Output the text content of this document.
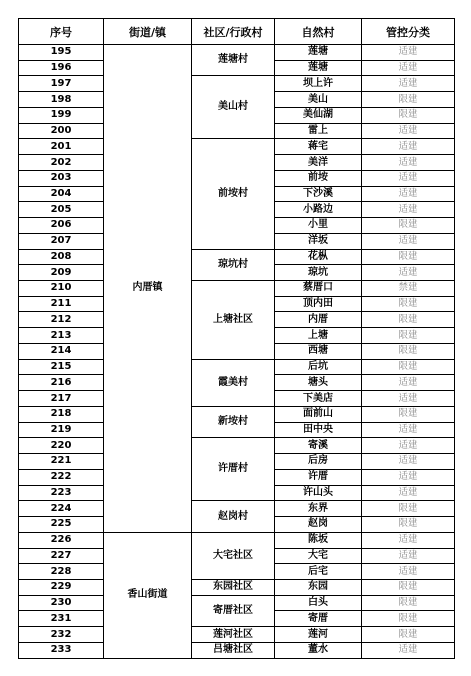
序号	街道/镇	社区/行政村	自然村	管控分类
195	内厝镇	莲塘村	莲塘	适建
196			莲塘	适建
197		美山村	坝上许	适建
198			美山	限建
199			美仙湖	限建
200			雷上	适建
201		前垵村	蒋宅	适建
202			美洋	适建
203			前垵	适建
204			下沙溪	适建
205			小路边	适建
206			小里	限建
207			洋坂	适建
208		琼坑村	花枞	限建
209			琼坑	适建
210		上塘社区	蔡厝口	禁建
211			顶内田	限建
212			内厝	限建
213			上塘	限建
214			西塘	限建
215		霞美村	后坑	限建
216			塘头	适建
217			下美店	适建
218		新垵村	面前山	限建
219			田中央	适建
220		许厝村	寄溪	适建
221			后房	适建
222			许厝	适建
223			许山头	适建
224		赵岗村	东界	限建
225			赵岗	限建
226	香山街道	大宅社区	陈坂	适建
227			大宅	适建
228			后宅	适建
229		东园社区	东园	限建
230		寄厝社区	白头	限建
231			寄厝	限建
232		莲河社区	莲河	限建
233		吕塘社区	董水	适建
